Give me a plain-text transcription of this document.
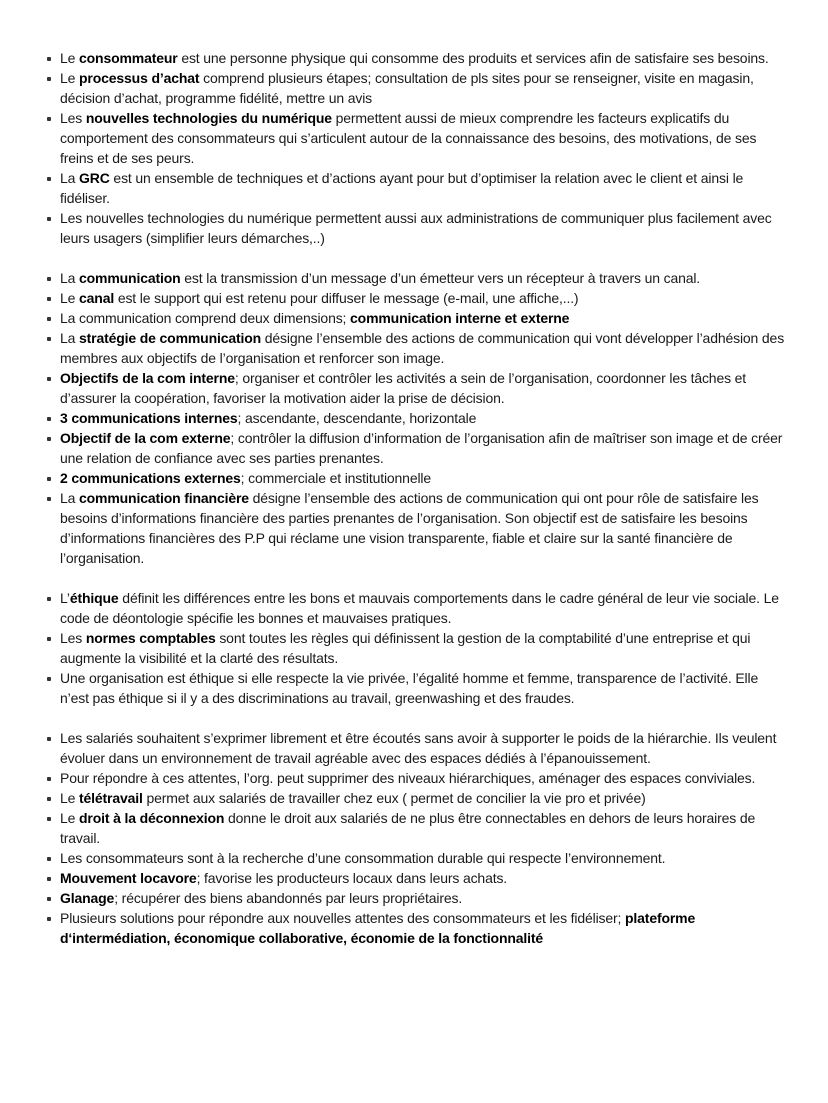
Le consommateur est une personne physique qui consomme des produits et services afin de satisfaire ses besoins.
Le processus d’achat comprend plusieurs étapes; consultation de pls sites pour se renseigner, visite en magasin, décision d’achat, programme fidélité, mettre un avis
Les nouvelles technologies du numérique permettent aussi de mieux comprendre les facteurs explicatifs du comportement des consommateurs qui s’articulent autour de la connaissance des besoins, des motivations, de ses freins et de ses peurs.
La GRC est un ensemble de techniques et d’actions ayant pour but d’optimiser la relation avec le client et ainsi le fidéliser.
Les nouvelles technologies du numérique permettent aussi aux administrations de communiquer plus facilement avec leurs usagers (simplifier leurs démarches,..)
La communication est la transmission d’un message d’un émetteur vers un récepteur à travers un canal.
Le canal est le support qui est retenu pour diffuser le message (e-mail, une affiche,...)
La communication comprend deux dimensions; communication interne et externe
La stratégie de communication désigne l’ensemble des actions de communication qui vont développer l’adhésion des membres aux objectifs de l’organisation et renforcer son image.
Objectifs de la com interne; organiser et contrôler les activités a sein de l’organisation, coordonner les tâches et d’assurer la coopération, favoriser la motivation aider la prise de décision.
3 communications internes; ascendante, descendante, horizontale
Objectif de la com externe; contrôler la diffusion d’information de l’organisation afin de maîtriser son image et de créer une relation de confiance avec ses parties prenantes.
2 communications externes; commerciale et institutionnelle
La communication financière désigne l’ensemble des actions de communication qui ont pour rôle de satisfaire les besoins d’informations financière des parties prenantes de l’organisation. Son objectif est de satisfaire les besoins d’informations financières des P.P qui réclame une vision transparente, fiable et claire sur la santé financière de l’organisation.
L’éthique définit les différences entre les bons et mauvais comportements dans le cadre général de leur vie sociale. Le code de déontologie spécifie les bonnes et mauvaises pratiques.
Les normes comptables sont toutes les règles qui définissent la gestion de la comptabilité d’une entreprise et qui augmente la visibilité et la clarté des résultats.
Une organisation est éthique si elle respecte la vie privée, l’égalité homme et femme, transparence de l’activité. Elle n’est pas éthique si il y a des discriminations au travail, greenwashing et des fraudes.
Les salariés souhaitent s’exprimer librement et être écoutés sans avoir à supporter le poids de la hiérarchie. Ils veulent évoluer dans un environnement de travail agréable avec des espaces dédiés à l’épanouissement.
Pour répondre à ces attentes, l’org. peut supprimer des niveaux hiérarchiques, aménager des espaces conviviales.
Le télétravail permet aux salariés de travailler chez eux ( permet de concilier la vie pro et privée)
Le droit à la déconnexion donne le droit aux salariés de ne plus être connectables en dehors de leurs horaires de travail.
Les consommateurs sont à la recherche d’une consommation durable qui respecte l’environnement.
Mouvement locavore; favorise les producteurs locaux dans leurs achats.
Glanage; récupérer des biens abandonnés par leurs propriétaires.
Plusieurs solutions pour répondre aux nouvelles attentes des consommateurs et les fidéliser; plateforme d‘intermédiation, économique collaborative, économie de la fonctionnalité
